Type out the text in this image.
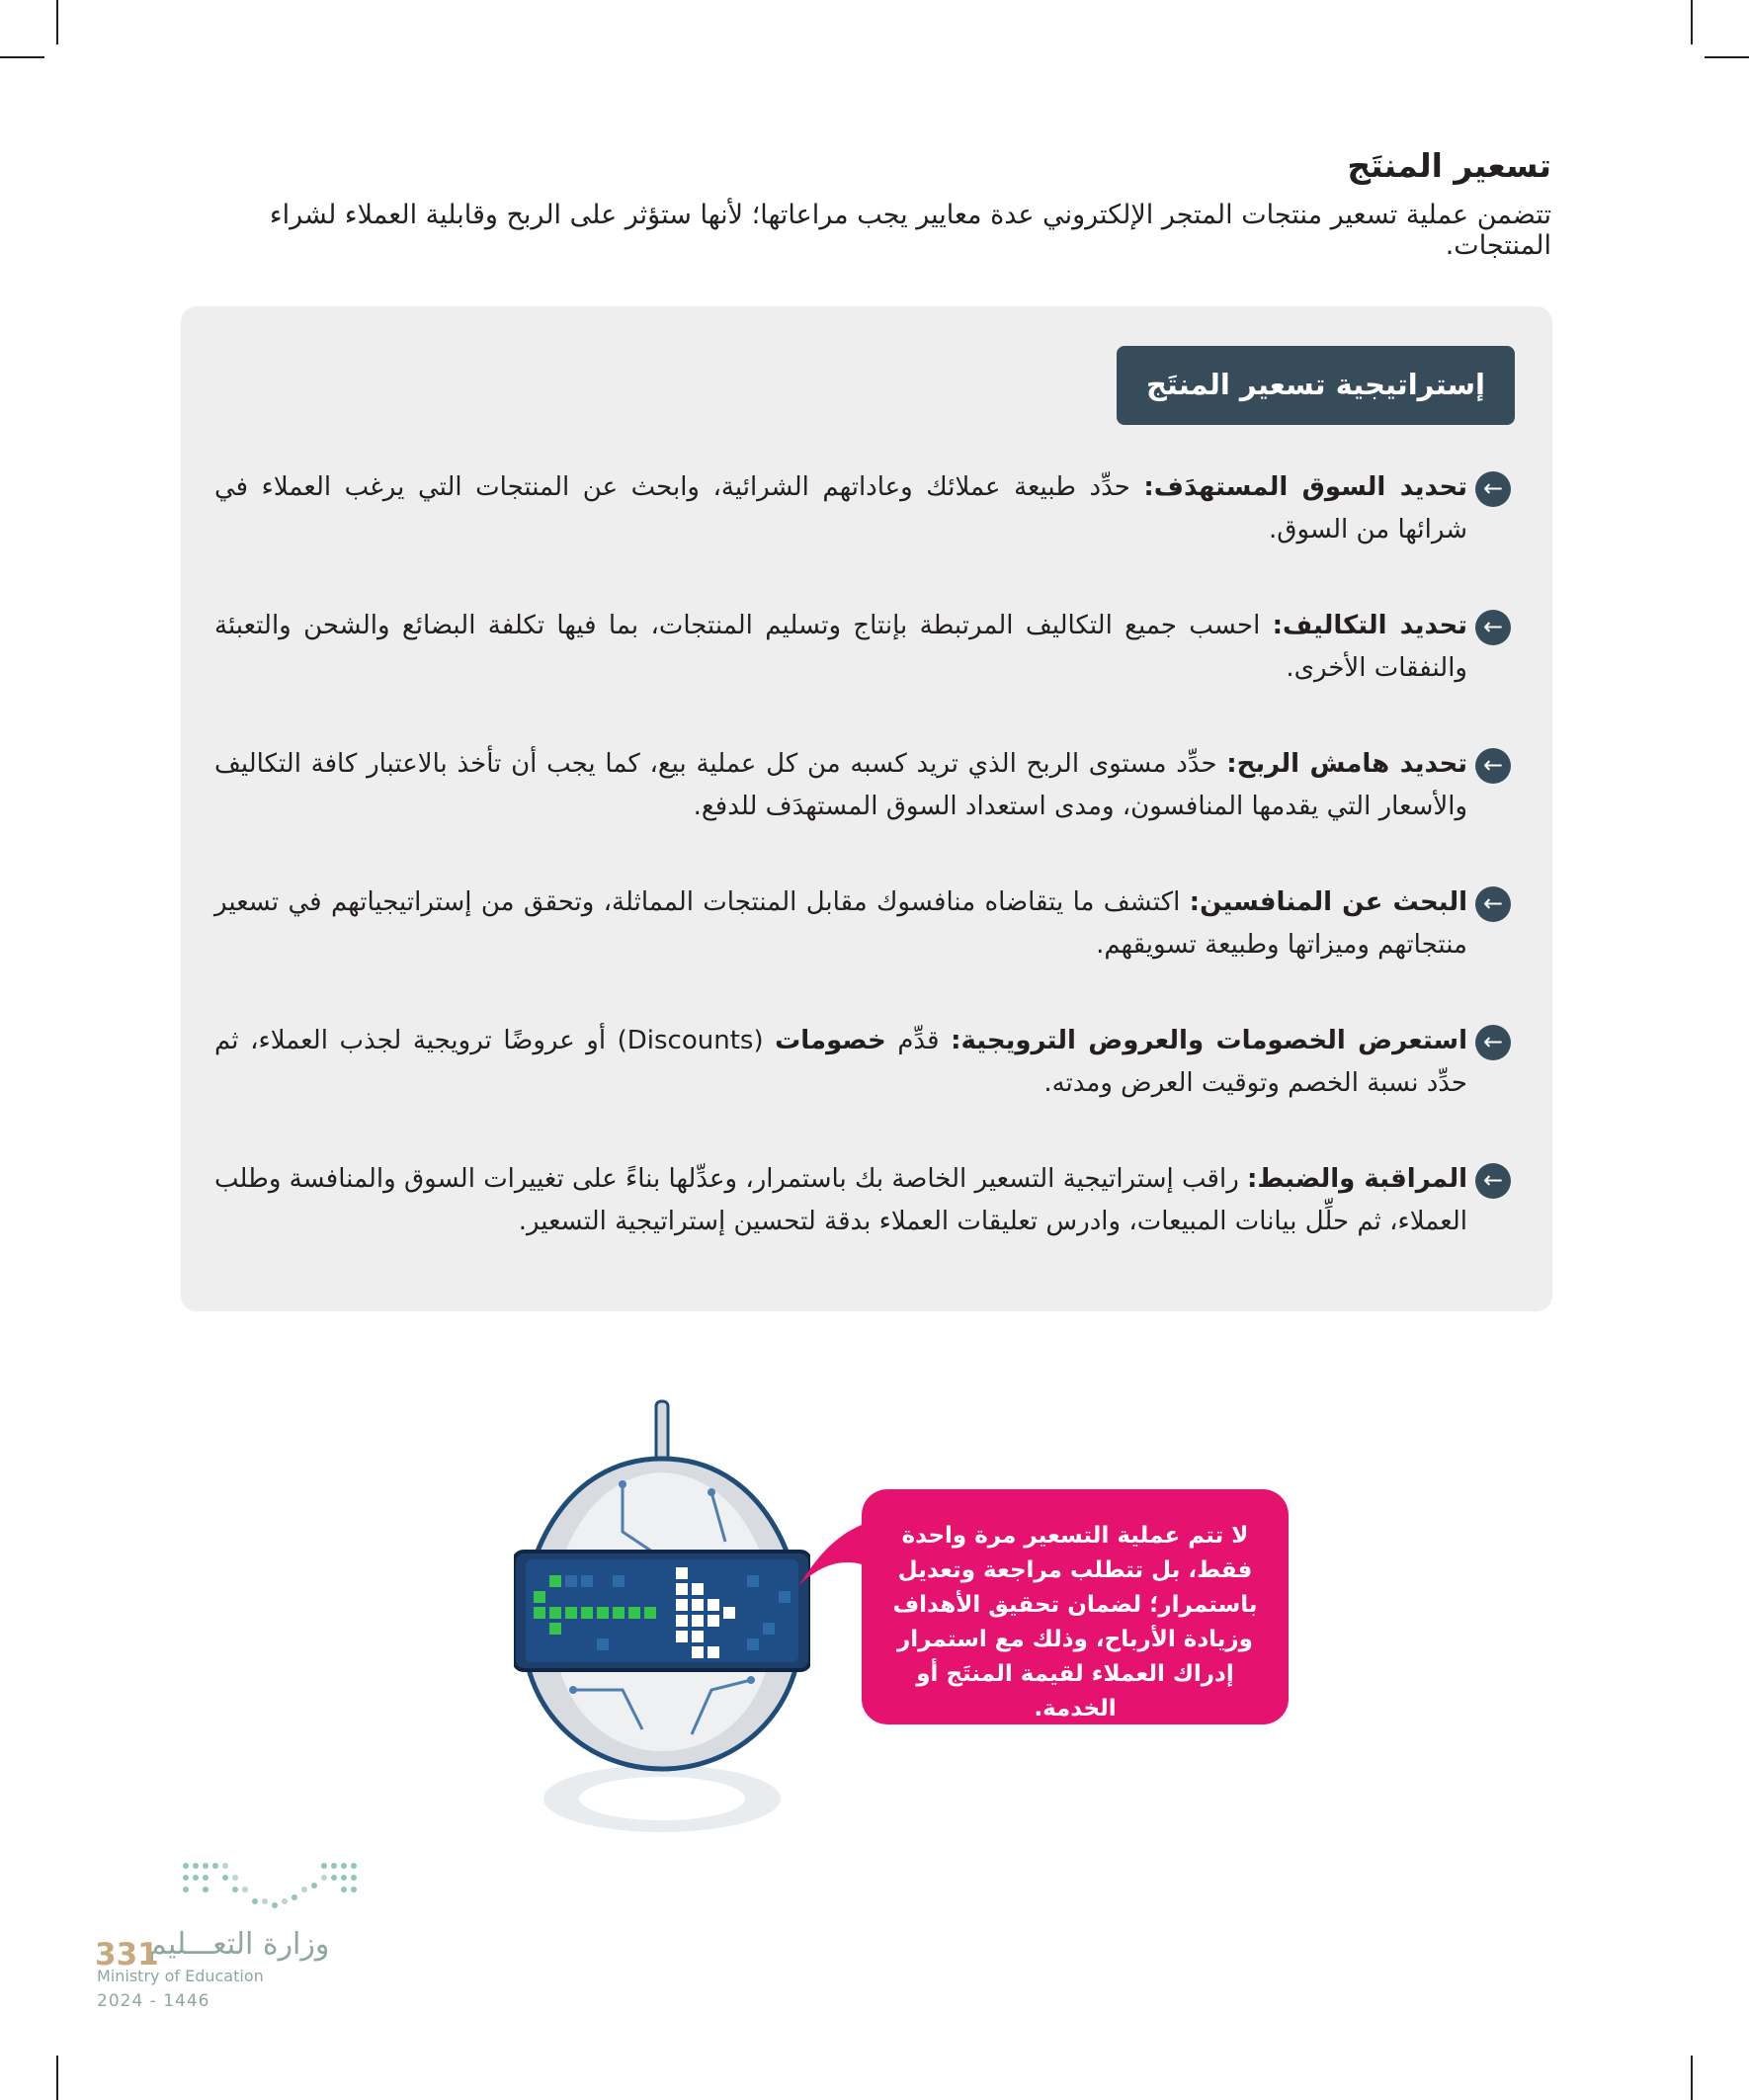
تسعير المنتَج

تتضمن عملية تسعير منتجات المتجر الإلكتروني عدة معايير يجب مراعاتها؛ لأنها ستؤثر على الربح وقابلية العملاء لشراء المنتجات.

إستراتيجية تسعير المنتَج
←
تحديد السوق المستهدَف: حدِّد طبيعة عملائك وعاداتهم الشرائية، وابحث عن المنتجات التي يرغب العملاء في شرائها من السوق.
←
تحديد التكاليف: احسب جميع التكاليف المرتبطة بإنتاج وتسليم المنتجات، بما فيها تكلفة البضائع والشحن والتعبئة والنفقات الأخرى.
←
تحديد هامش الربح: حدِّد مستوى الربح الذي تريد كسبه من كل عملية بيع، كما يجب أن تأخذ بالاعتبار كافة التكاليف والأسعار التي يقدمها المنافسون، ومدى استعداد السوق المستهدَف للدفع.
←
البحث عن المنافسين: اكتشف ما يتقاضاه منافسوك مقابل المنتجات المماثلة، وتحقق من إستراتيجياتهم في تسعير منتجاتهم وميزاتها وطبيعة تسويقهم.
←
استعرض الخصومات والعروض الترويجية: قدِّم خصومات (Discounts) أو عروضًا ترويجية لجذب العملاء، ثم حدِّد نسبة الخصم وتوقيت العرض ومدته.
←
المراقبة والضبط: راقب إستراتيجية التسعير الخاصة بك باستمرار، وعدِّلها بناءً على تغييرات السوق والمنافسة وطلب العملاء، ثم حلِّل بيانات المبيعات، وادرس تعليقات العملاء بدقة لتحسين إستراتيجية التسعير.

لا تتم عملية التسعير مرة واحدة فقط، بل تتطلب مراجعة وتعديل باستمرار؛ لضمان تحقيق الأهداف وزيادة الأرباح، وذلك مع استمرار إدراك العملاء لقيمة المنتَج أو الخدمة.

وزارة التعـــليم
331
Ministry of Education
2024 - 1446
